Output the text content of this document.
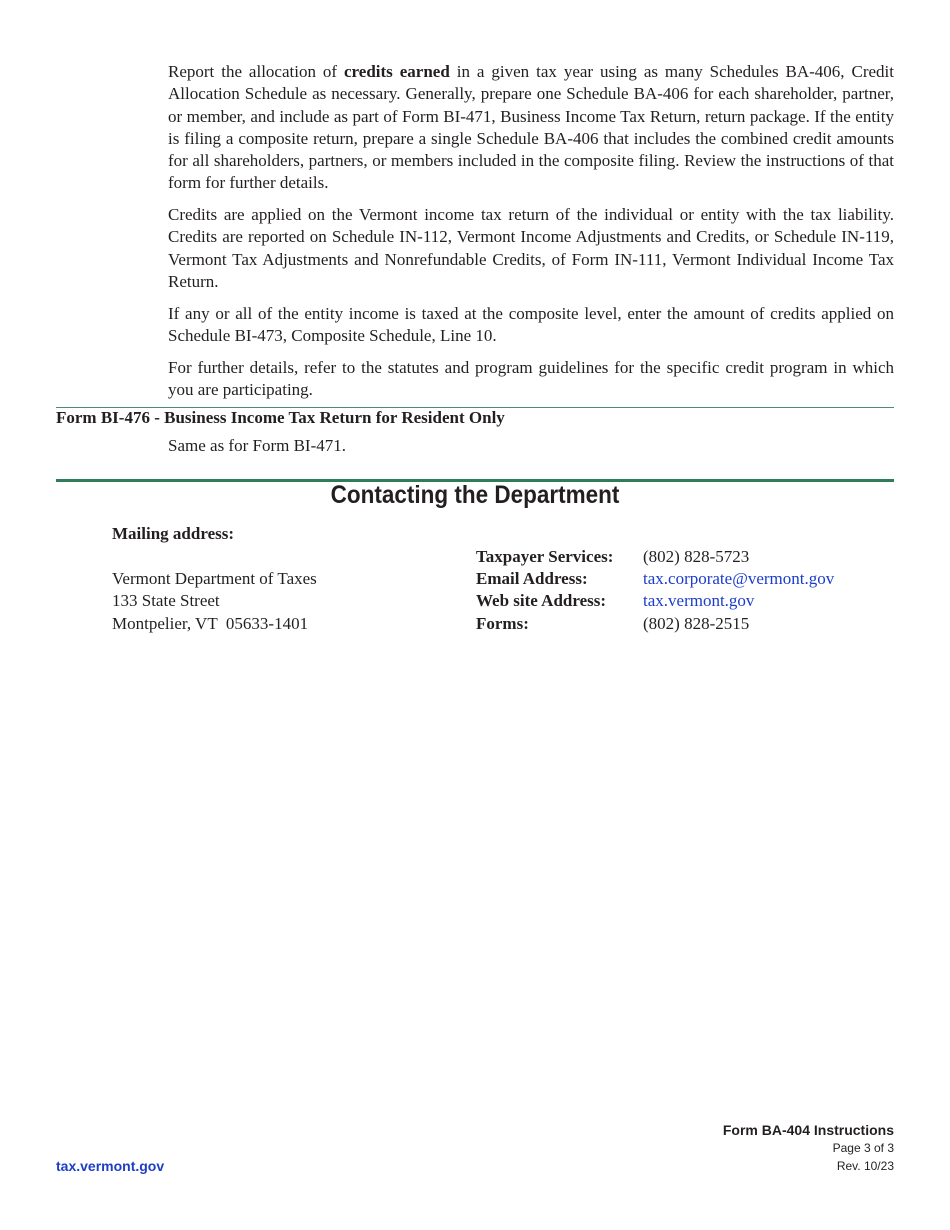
Report the allocation of credits earned in a given tax year using as many Schedules BA-406, Credit Allocation Schedule as necessary. Generally, prepare one Schedule BA-406 for each shareholder, partner, or member, and include as part of Form BI-471, Business Income Tax Return, return package. If the entity is filing a composite return, prepare a single Schedule BA-406 that includes the combined credit amounts for all shareholders, partners, or members included in the composite filing. Review the instructions of that form for further details.

Credits are applied on the Vermont income tax return of the individual or entity with the tax liability. Credits are reported on Schedule IN-112, Vermont Income Adjustments and Credits, or Schedule IN-119, Vermont Tax Adjustments and Nonrefundable Credits, of Form IN-111, Vermont Individual Income Tax Return.

If any or all of the entity income is taxed at the composite level, enter the amount of credits applied on Schedule BI-473, Composite Schedule, Line 10.

For further details, refer to the statutes and program guidelines for the specific credit program in which you are participating.

Form BI-476 - Business Income Tax Return for Resident Only

Same as for Form BI-471.

Contacting the Department

Mailing address:

Vermont Department of Taxes

133 State Street

Montpelier, VT  05633-1401

Taxpayer Services: (802) 828-5723

Email Address:	tax.corporate@vermont.gov

Web site Address: tax.vermont.gov

Forms:	(802) 828-2515

tax.vermont.gov
Form BA-404 Instructions
Page 3 of 3
Rev. 10/23
